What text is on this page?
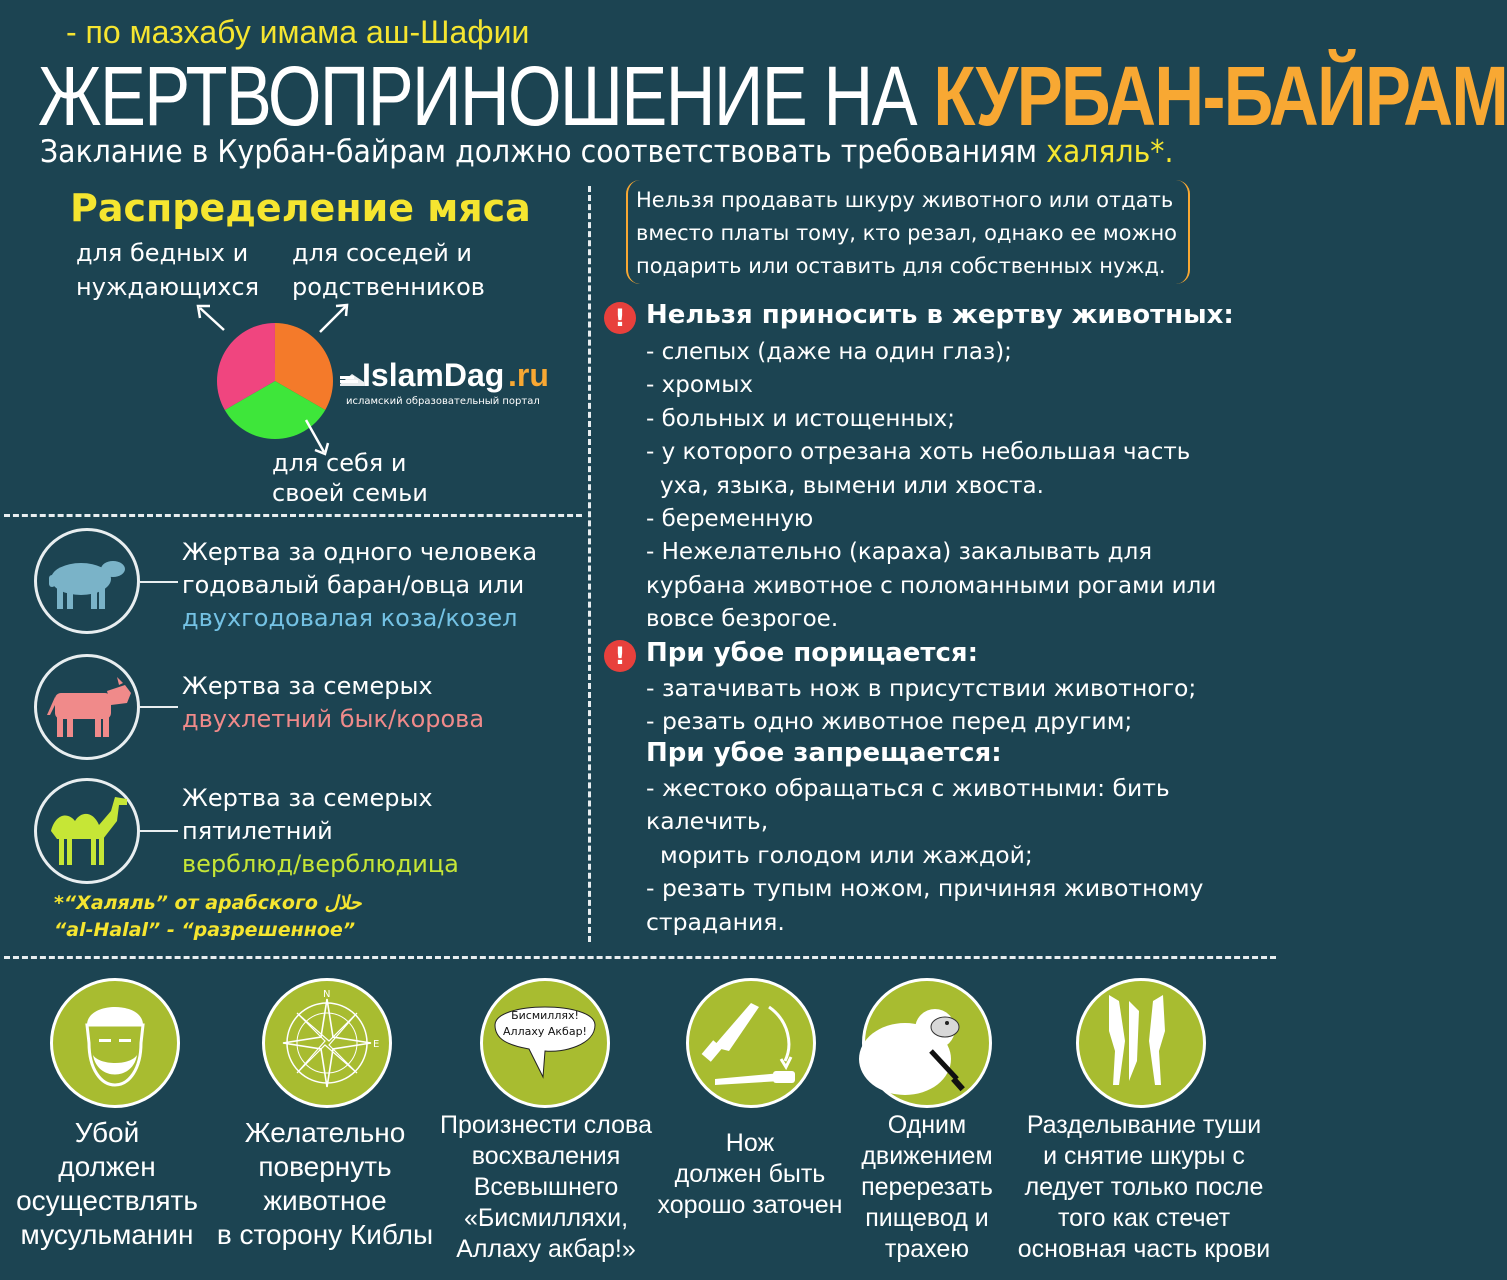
- по мазхабу имама аш-Шафии
ЖЕРТВОПРИНОШЕНИЕ НА КУРБАН-БАЙРАМ
Заклание в Курбан-байрам должно соответствовать требованиям халяль*.
Распределение мяса
для бедных и
нуждающихся
для соседей и
родственников
для себя и
своей семьи
IslamDag .ru
исламский образовательный портал
Нельзя продавать шкуру животного или отдать
вместо платы тому, кто резал, однако ее можно
подарить или оставить для собственных нужд.
! Нельзя приносить в жертву животных:
- слепых (даже на один глаз);
- хромых
- больных и истощенных;
- у которого отрезана хоть небольшая часть
уха, языка, вымени или хвоста.
- беременную
- Нежелательно (караха) закалывать для
курбана животное с поломанными рогами или
вовсе безрогое.
! При убое порицается:
- затачивать нож в присутствии животного;
- резать одно животное перед другим;
При убое запрещается:
- жестоко обращаться с животными: бить
калечить,
морить голодом или жаждой;
- резать тупым ножом, причиняя животному
страдания.
Жертва за одного человека
годовалый баран/овца или
двухгодовалая коза/козел
Жертва за семерых
двухлетний бык/корова
Жертва за семерых
пятилетний
верблюд/верблюдица
*“Халяль” от арабского حلال
“al-Halal” - “разрешенное”
N
E
Бисмиллях!
Аллаху Акбар!
Убой
должен
осуществлять
мусульманин
Желательно
повернуть
животное
в сторону Киблы
Произнести слова
восхваления
Всевышнего
«Бисмилляхи,
Аллаху акбар!»
Нож
должен быть
хорошо заточен
Одним
движением
перерезать
пищевод и
трахею
Разделывание туши
и снятие шкуры с
ледует только после
того как стечет
основная часть крови
